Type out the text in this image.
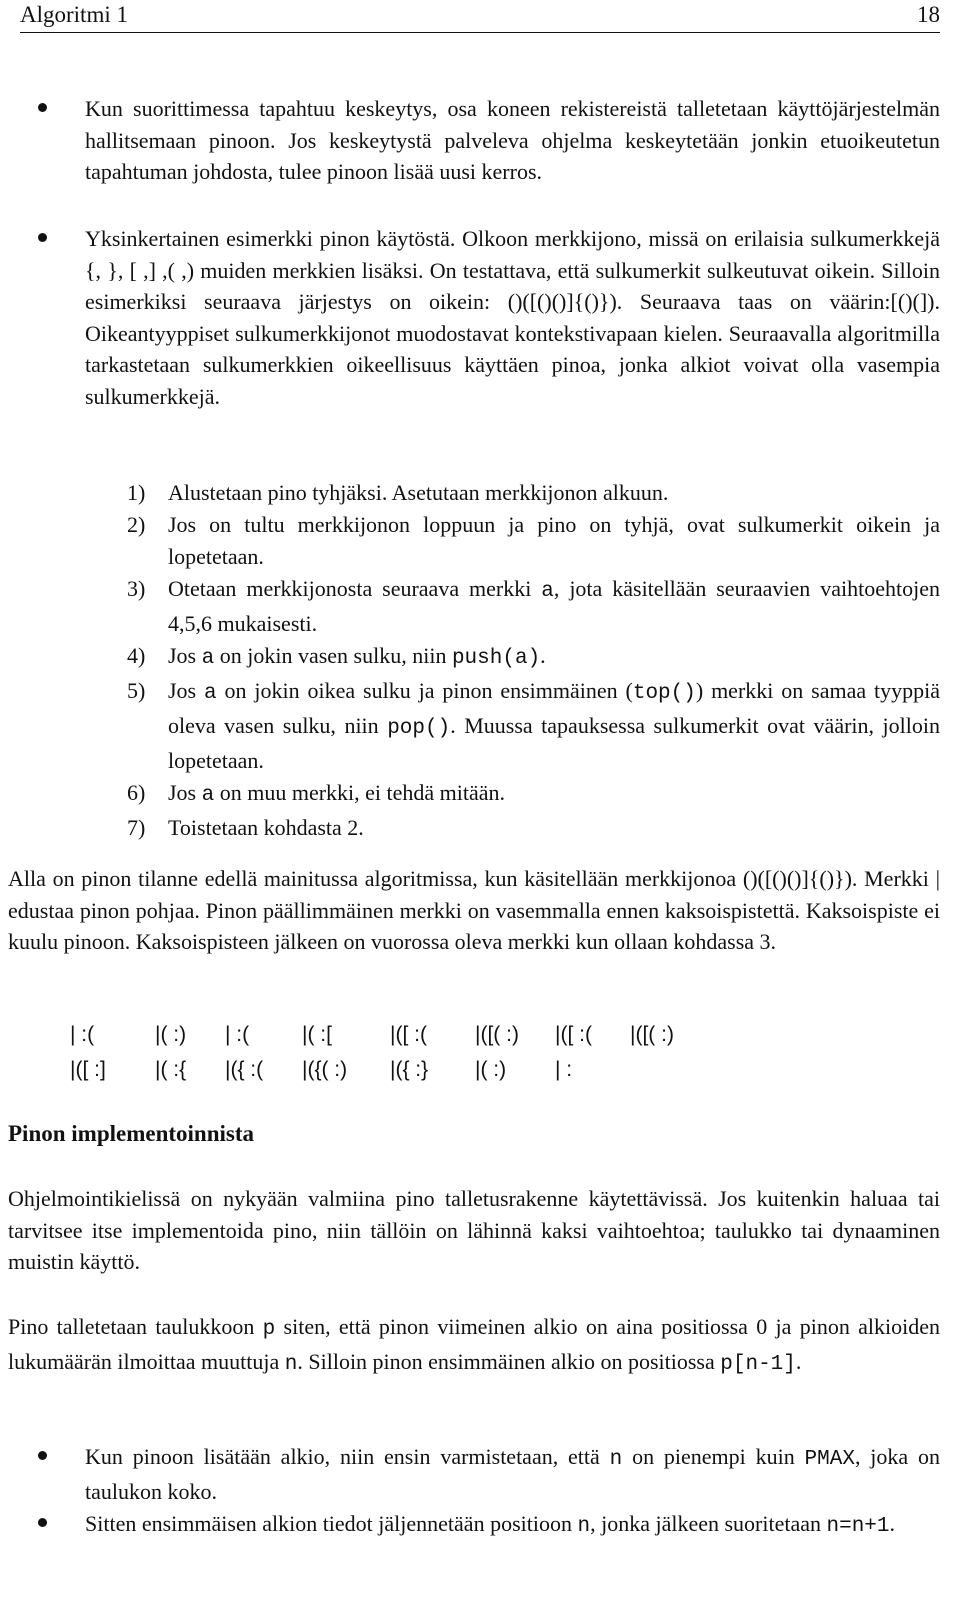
Algoritmi 1	18
Kun suorittimessa tapahtuu keskeytys, osa koneen rekistereistä talletetaan käyttöjärjestelmän hallitsemaan pinoon. Jos keskeytystä palveleva ohjelma keskeytetään jonkin etuoikeutetun tapahtuman johdosta, tulee pinoon lisää uusi kerros.
Yksinkertainen esimerkki pinon käytöstä. Olkoon merkkijono, missä on erilaisia sulkumerkkejä {, }, [ ,] ,( ,) muiden merkkien lisäksi. On testattava, että sulkumerkit sulkeutuvat oikein. Silloin esimerkiksi seuraava järjestys on oikein: ()([()()]{()}). Seuraava taas on väärin:[()(]). Oikeantyyppiset sulkumerkkijonot muodostavat kontekstivapaan kielen. Seuraavalla algoritmilla tarkastetaan sulkumerkkien oikeellisuus käyttäen pinoa, jonka alkiot voivat olla vasempia sulkumerkkejä.
1) Alustetaan pino tyhjäksi. Asetutaan merkkijonon alkuun.
2) Jos on tultu merkkijonon loppuun ja pino on tyhjä, ovat sulkumerkit oikein ja lopetetaan.
3) Otetaan merkkijonosta seuraava merkki a, jota käsitellään seuraavien vaihtoehtojen 4,5,6 mukaisesti.
4) Jos a on jokin vasen sulku, niin push(a).
5) Jos a on jokin oikea sulku ja pinon ensimmäinen (top()) merkki on samaa tyyppiä oleva vasen sulku, niin pop(). Muussa tapauksessa sulkumerkit ovat väärin, jolloin lopetetaan.
6) Jos a on muu merkki, ei tehdä mitään.
7) Toistetaan kohdasta 2.
Alla on pinon tilanne edellä mainitussa algoritmissa, kun käsitellään merkkijonoa ()([()()]{()}). Merkki | edustaa pinon pohjaa. Pinon päällimmäinen merkki on vasemmalla ennen kaksoispistettä. Kaksoispiste ei kuulu pinoon. Kaksoispisteen jälkeen on vuorossa oleva merkki kun ollaan kohdassa 3.
| :(	|( :) | :(	|( :[	|([ :( |([( :) |([ :( |([( :)
|([ :] |( :{ |({ :( |({( :) |({ :} |( :) | :
Pinon implementoinnista
Ohjelmointikielissä on nykyään valmiina pino talletusrakenne käytettävissä. Jos kuitenkin haluaa tai tarvitsee itse implementoida pino, niin tällöin on lähinnä kaksi vaihtoehtoa; taulukko tai dynaaminen muistin käyttö.
Pino talletetaan taulukkoon p siten, että pinon viimeinen alkio on aina positiossa 0 ja pinon alkioiden lukumäärän ilmoittaa muuttuja n. Silloin pinon ensimmäinen alkio on positiossa p[n-1].
Kun pinoon lisätään alkio, niin ensin varmistetaan, että n on pienempi kuin PMAX, joka on taulukon koko.
Sitten ensimmäisen alkion tiedot jäljennetään positioon n, jonka jälkeen suoritetaan n=n+1.
